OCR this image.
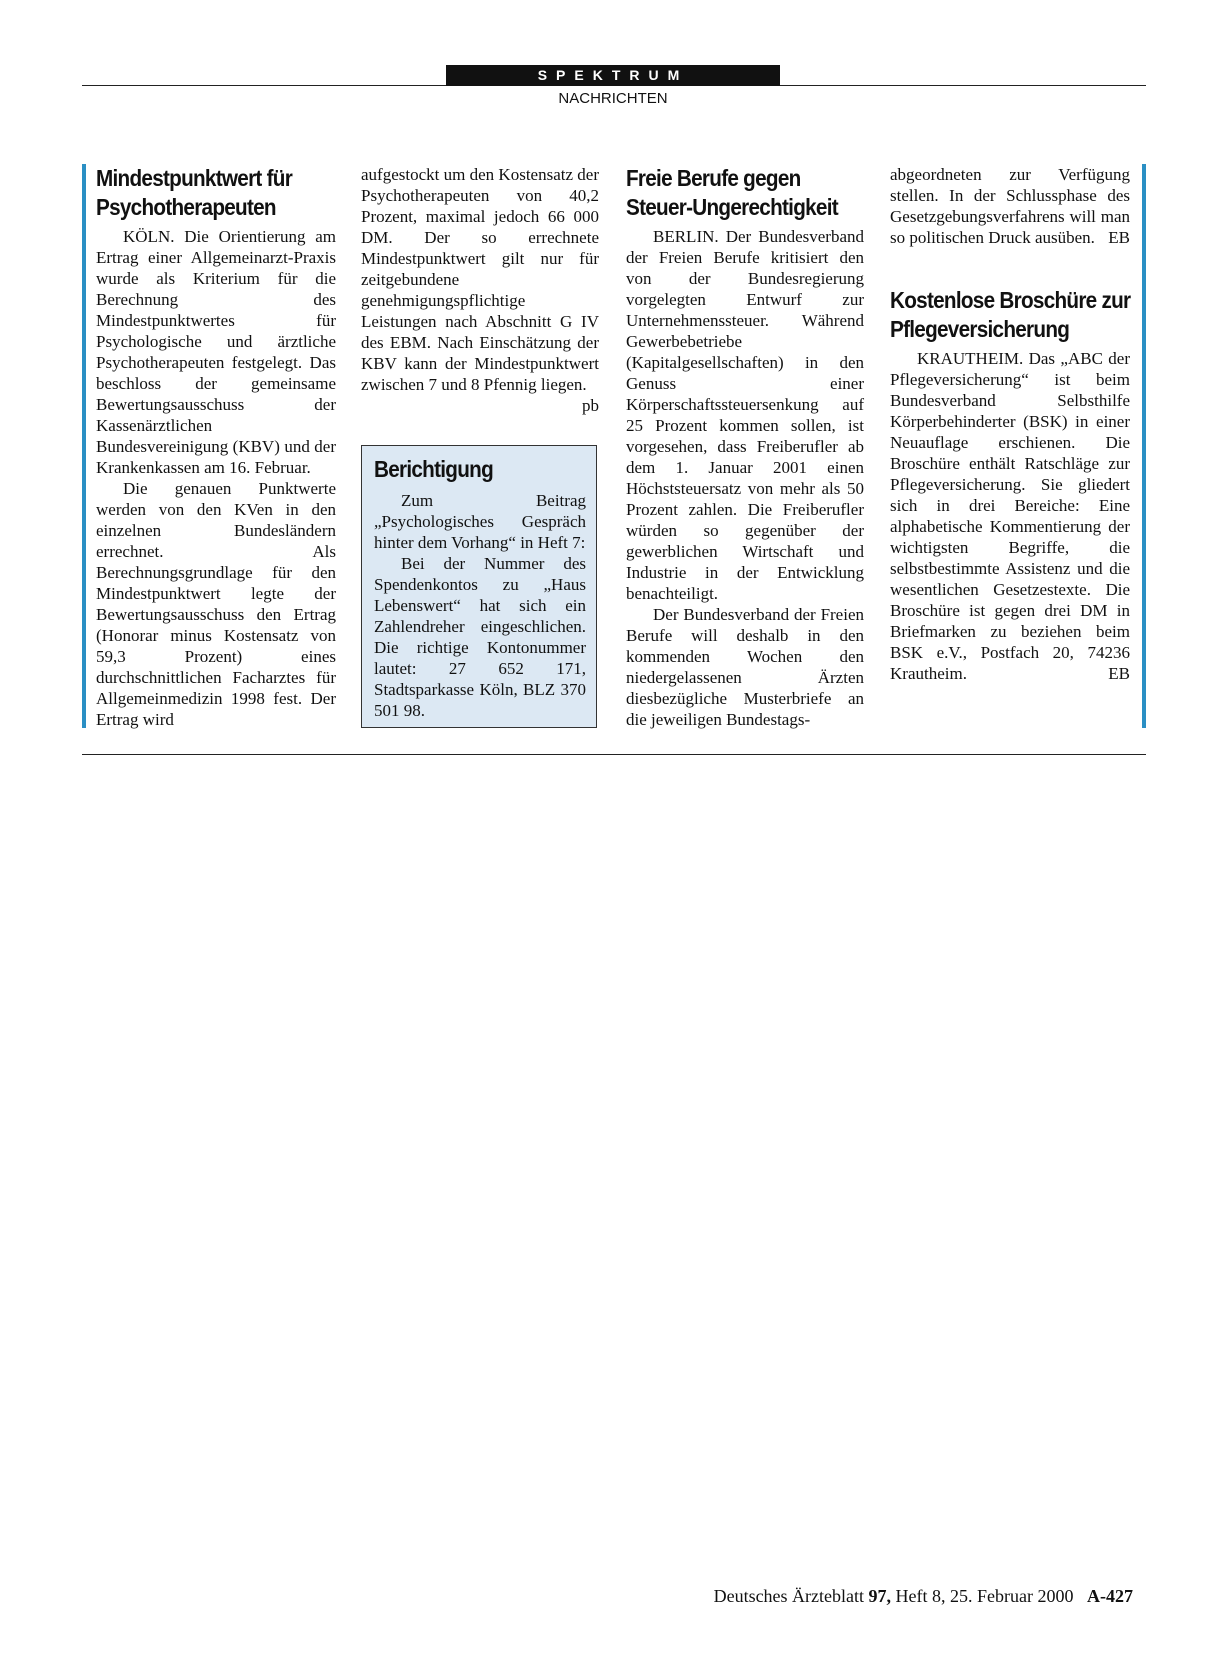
SPEKTRUM
NACHRICHTEN
Mindestpunktwert für Psychotherapeuten

KÖLN. Die Orientierung am Ertrag einer Allgemeinarzt-Praxis wurde als Kriterium für die Berechnung des Mindestpunktwertes für Psychologische und ärztliche Psychotherapeuten festgelegt. Das beschloss der gemeinsame Bewertungsausschuss der Kassenärztlichen Bundesvereinigung (KBV) und der Krankenkassen am 16. Februar.

Die genauen Punktwerte werden von den KVen in den einzelnen Bundesländern errechnet. Als Berechnungsgrundlage für den Mindestpunktwert legte der Bewertungsausschuss den Ertrag (Honorar minus Kostensatz von 59,3 Prozent) eines durchschnittlichen Facharztes für Allgemeinmedizin 1998 fest. Der Ertrag wird

aufgestockt um den Kostensatz der Psychotherapeuten von 40,2 Prozent, maximal jedoch 66 000 DM. Der so errechnete Mindestpunktwert gilt nur für zeitgebundene genehmigungspflichtige Leistungen nach Abschnitt G IV des EBM. Nach Einschätzung der KBV kann der Mindestpunktwert zwischen 7 und 8 Pfennig liegen.
pb

Berichtigung

Zum Beitrag „Psychologisches Gespräch hinter dem Vorhang“ in Heft 7:

Bei der Nummer des Spendenkontos zu „Haus Lebenswert“ hat sich ein Zahlendreher eingeschlichen. Die richtige Kontonummer lautet: 27 652 171, Stadtsparkasse Köln, BLZ 370 501 98.

Freie Berufe gegen Steuer-Ungerechtigkeit

BERLIN. Der Bundesverband der Freien Berufe kritisiert den von der Bundesregierung vorgelegten Entwurf zur Unternehmenssteuer. Während Gewerbebetriebe (Kapitalgesellschaften) in den Genuss einer Körperschaftssteuersenkung auf 25 Prozent kommen sollen, ist vorgesehen, dass Freiberufler ab dem 1. Januar 2001 einen Höchststeuersatz von mehr als 50 Prozent zahlen. Die Freiberufler würden so gegenüber der gewerblichen Wirtschaft und Industrie in der Entwicklung benachteiligt.

Der Bundesverband der Freien Berufe will deshalb in den kommenden Wochen den niedergelassenen Ärzten diesbezügliche Musterbriefe an die jeweiligen Bundestags-

abgeordneten zur Verfügung stellen. In der Schlussphase des Gesetzgebungsverfahrens will man so politischen Druck ausüben. EB

Kostenlose Broschüre zur Pflegeversicherung

KRAUTHEIM. Das „ABC der Pflegeversicherung“ ist beim Bundesverband Selbsthilfe Körperbehinderter (BSK) in einer Neuauflage erschienen. Die Broschüre enthält Ratschläge zur Pflegeversicherung. Sie gliedert sich in drei Bereiche: Eine alphabetische Kommentierung der wichtigsten Begriffe, die selbstbestimmte Assistenz und die wesentlichen Gesetzestexte. Die Broschüre ist gegen drei DM in Briefmarken zu beziehen beim BSK e.V., Postfach 20, 74236 Krautheim.	EB

Deutsches Ärzteblatt 97, Heft 8, 25. Februar 2000 A-427
